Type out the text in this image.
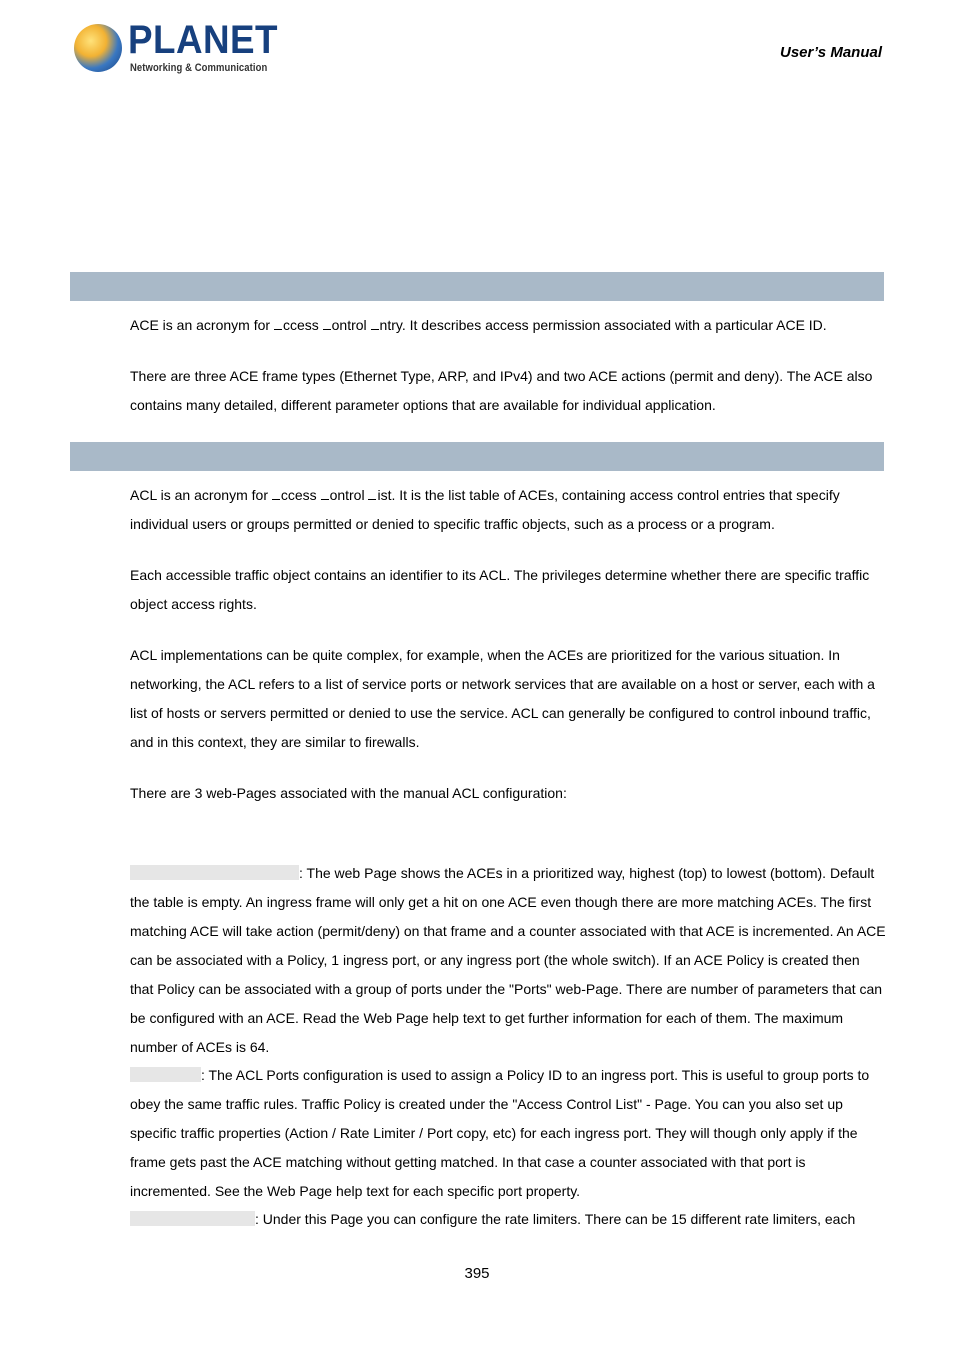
PLANET
Networking & Communication
User’s Manual

ACE is an acronym for ccess ontrol ntry. It describes access permission associated with a particular ACE ID.

There are three ACE frame types (Ethernet Type, ARP, and IPv4) and two ACE actions (permit and deny). The ACE also contains many detailed, different parameter options that are available for individual application.

ACL is an acronym for ccess ontrol ist. It is the list table of ACEs, containing access control entries that specify individual users or groups permitted or denied to specific traffic objects, such as a process or a program.

Each accessible traffic object contains an identifier to its ACL. The privileges determine whether there are specific traffic object access rights.

ACL implementations can be quite complex, for example, when the ACEs are prioritized for the various situation. In networking, the ACL refers to a list of service ports or network services that are available on a host or server, each with a list of hosts or servers permitted or denied to use the service. ACL can generally be configured to control inbound traffic, and in this context, they are similar to firewalls.

There are 3 web-Pages associated with the manual ACL configuration:

: The web Page shows the ACEs in a prioritized way, highest (top) to lowest (bottom). Default the table is empty. An ingress frame will only get a hit on one ACE even though there are more matching ACEs. The first matching ACE will take action (permit/deny) on that frame and a counter associated with that ACE is incremented. An ACE can be associated with a Policy, 1 ingress port, or any ingress port (the whole switch). If an ACE Policy is created then that Policy can be associated with a group of ports under the "Ports" web-Page. There are number of parameters that can be configured with an ACE. Read the Web Page help text to get further information for each of them. The maximum number of ACEs is 64.

: The ACL Ports configuration is used to assign a Policy ID to an ingress port. This is useful to group ports to obey the same traffic rules. Traffic Policy is created under the "Access Control List" - Page. You can you also set up specific traffic properties (Action / Rate Limiter / Port copy, etc) for each ingress port. They will though only apply if the frame gets past the ACE matching without getting matched. In that case a counter associated with that port is incremented. See the Web Page help text for each specific port property.

: Under this Page you can configure the rate limiters. There can be 15 different rate limiters, each

395
